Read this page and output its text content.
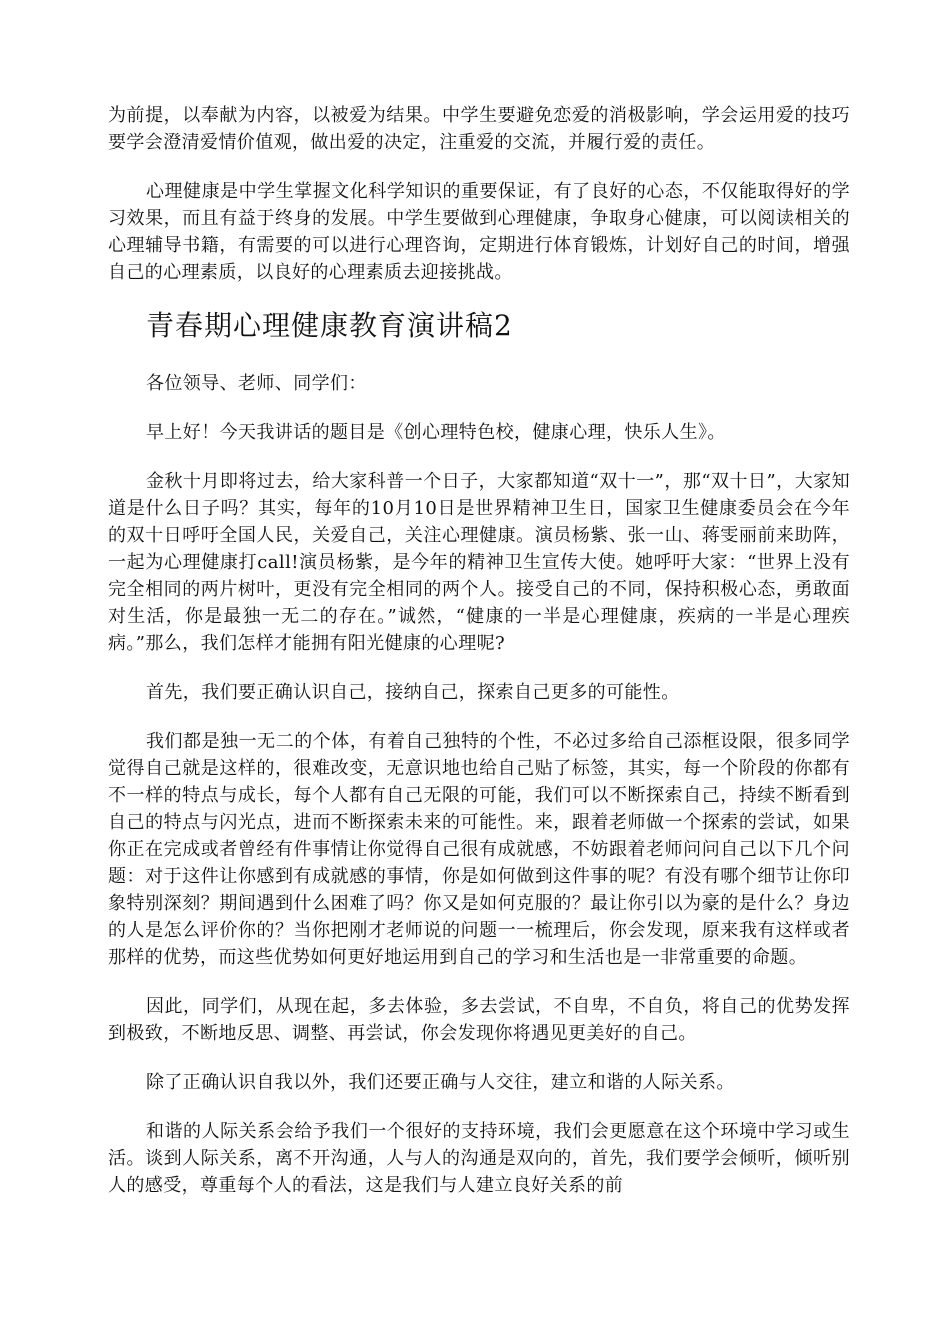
为前提，以奉献为内容，以被爱为结果。中学生要避免恋爱的消极影响，学会运用爱的技巧要学会澄清爱情价值观，做出爱的决定，注重爱的交流，并履行爱的责任。

心理健康是中学生掌握文化科学知识的重要保证，有了良好的心态，不仅能取得好的学习效果，而且有益于终身的发展。中学生要做到心理健康，争取身心健康，可以阅读相关的心理辅导书籍，有需要的可以进行心理咨询，定期进行体育锻炼，计划好自己的时间，增强自己的心理素质，以良好的心理素质去迎接挑战。

青春期心理健康教育演讲稿2

各位领导、老师、同学们：

早上好！今天我讲话的题目是《创心理特色校，健康心理，快乐人生》。

金秋十月即将过去，给大家科普一个日子，大家都知道“双十一”，那“双十日”，大家知道是什么日子吗？其实，每年的10月10日是世界精神卫生日，国家卫生健康委员会在今年的双十日呼吁全国人民，关爱自己，关注心理健康。演员杨紫、张一山、蒋雯丽前来助阵，一起为心理健康打call!演员杨紫，是今年的精神卫生宣传大使。她呼吁大家：“世界上没有完全相同的两片树叶，更没有完全相同的两个人。接受自己的不同，保持积极心态，勇敢面对生活，你是最独一无二的存在。”诚然，“健康的一半是心理健康，疾病的一半是心理疾病。”那么，我们怎样才能拥有阳光健康的心理呢?

首先，我们要正确认识自己，接纳自己，探索自己更多的可能性。

我们都是独一无二的个体，有着自己独特的个性，不必过多给自己添框设限，很多同学觉得自己就是这样的，很难改变，无意识地也给自己贴了标签，其实，每一个阶段的你都有不一样的特点与成长，每个人都有自己无限的可能，我们可以不断探索自己，持续不断看到自己的特点与闪光点，进而不断探索未来的可能性。来，跟着老师做一个探索的尝试，如果你正在完成或者曾经有件事情让你觉得自己很有成就感，不妨跟着老师问问自己以下几个问题：对于这件让你感到有成就感的事情，你是如何做到这件事的呢？有没有哪个细节让你印象特别深刻？期间遇到什么困难了吗？你又是如何克服的？最让你引以为豪的是什么？身边的人是怎么评价你的？当你把刚才老师说的问题一一梳理后，你会发现，原来我有这样或者那样的优势，而这些优势如何更好地运用到自己的学习和生活也是一非常重要的命题。

因此，同学们，从现在起，多去体验，多去尝试，不自卑，不自负，将自己的优势发挥到极致，不断地反思、调整、再尝试，你会发现你将遇见更美好的自己。

除了正确认识自我以外，我们还要正确与人交往，建立和谐的人际关系。

和谐的人际关系会给予我们一个很好的支持环境，我们会更愿意在这个环境中学习或生活。谈到人际关系，离不开沟通，人与人的沟通是双向的，首先，我们要学会倾听，倾听别人的感受，尊重每个人的看法，这是我们与人建立良好关系的前
